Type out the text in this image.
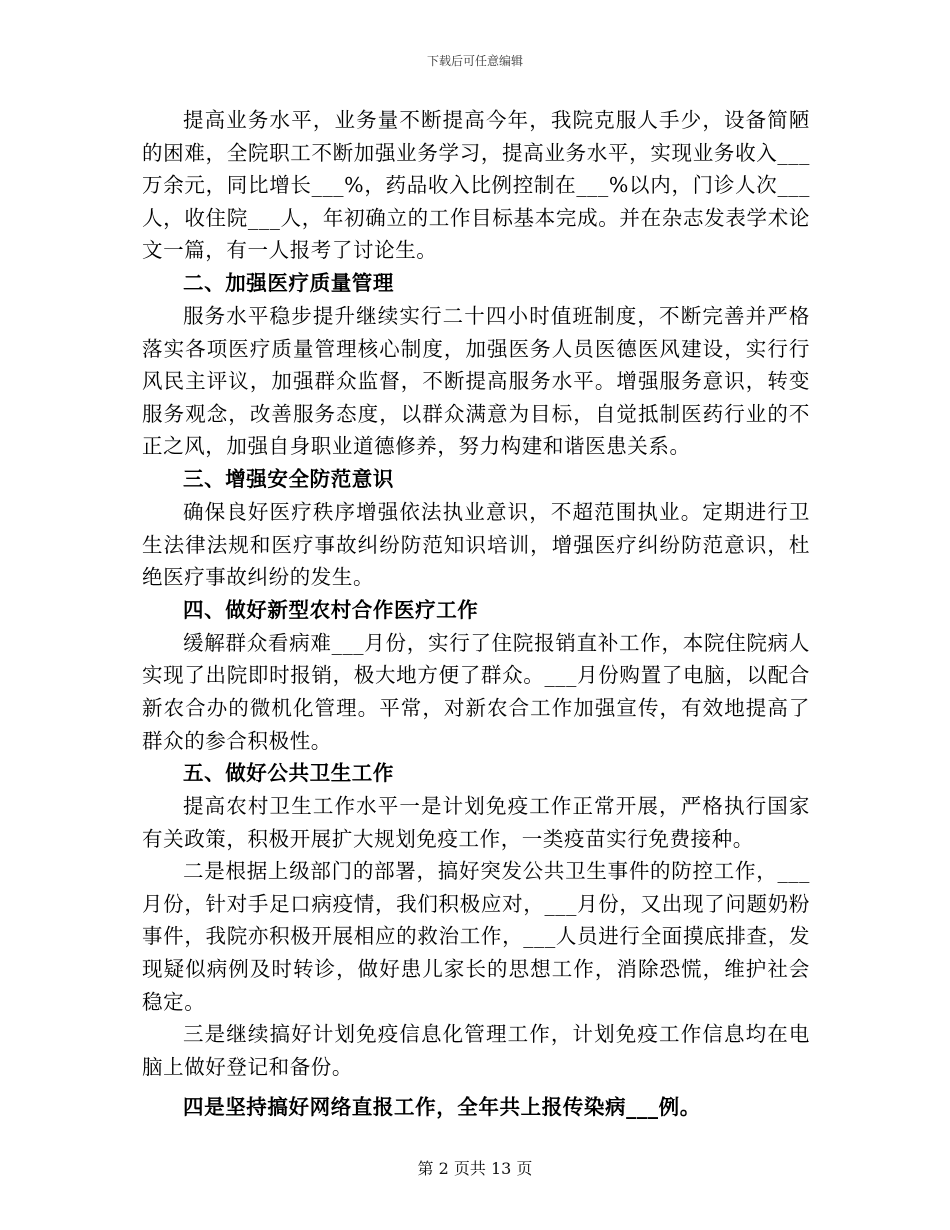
下载后可任意编辑

提高业务水平，业务量不断提高今年，我院克服人手少，设备简陋的困难，全院职工不断加强业务学习，提高业务水平，实现业务收入___万余元，同比增长___%，药品收入比例控制在___%以内，门诊人次___人，收住院___人，年初确立的工作目标基本完成。并在杂志发表学术论文一篇，有一人报考了讨论生。

二、加强医疗质量管理

服务水平稳步提升继续实行二十四小时值班制度，不断完善并严格落实各项医疗质量管理核心制度，加强医务人员医德医风建设，实行行风民主评议，加强群众监督，不断提高服务水平。增强服务意识，转变服务观念，改善服务态度，以群众满意为目标，自觉抵制医药行业的不正之风，加强自身职业道德修养，努力构建和谐医患关系。

三、增强安全防范意识

确保良好医疗秩序增强依法执业意识，不超范围执业。定期进行卫生法律法规和医疗事故纠纷防范知识培训，增强医疗纠纷防范意识，杜绝医疗事故纠纷的发生。

四、做好新型农村合作医疗工作

缓解群众看病难___月份，实行了住院报销直补工作，本院住院病人实现了出院即时报销，极大地方便了群众。___月份购置了电脑，以配合新农合办的微机化管理。平常，对新农合工作加强宣传，有效地提高了群众的参合积极性。

五、做好公共卫生工作

提高农村卫生工作水平一是计划免疫工作正常开展，严格执行国家有关政策，积极开展扩大规划免疫工作，一类疫苗实行免费接种。

二是根据上级部门的部署，搞好突发公共卫生事件的防控工作，___月份，针对手足口病疫情，我们积极应对，___月份，又出现了问题奶粉事件，我院亦积极开展相应的救治工作，___人员进行全面摸底排查，发现疑似病例及时转诊，做好患儿家长的思想工作，消除恐慌，维护社会稳定。

三是继续搞好计划免疫信息化管理工作，计划免疫工作信息均在电脑上做好登记和备份。

四是坚持搞好网络直报工作，全年共上报传染病___例。

第 2 页共 13 页
